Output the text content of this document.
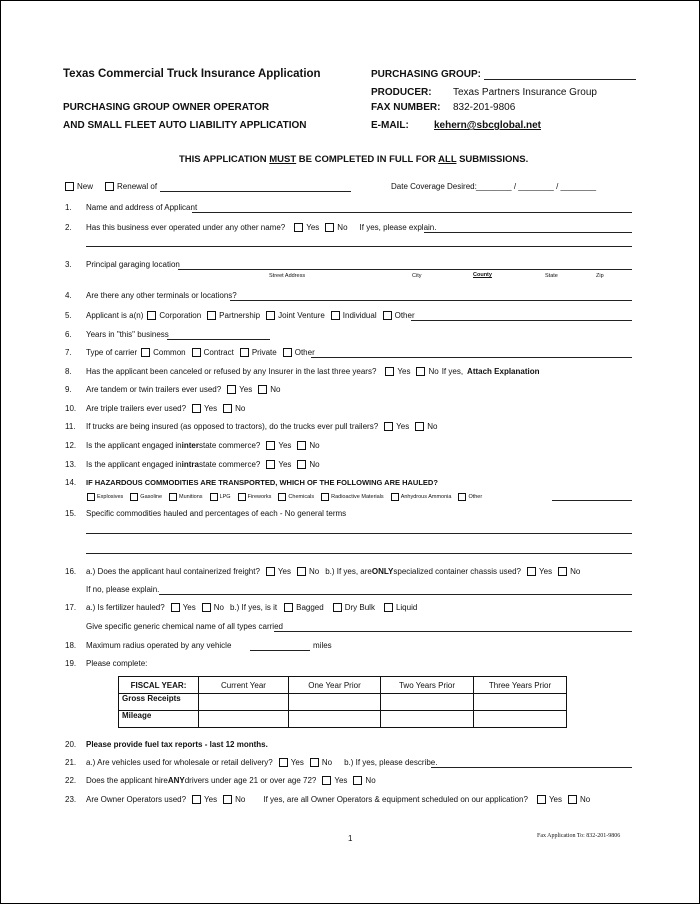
Texas Commercial Truck Insurance Application
PURCHASING GROUP OWNER OPERATOR
AND SMALL FLEET AUTO LIABILITY APPLICATION
PURCHASING GROUP:
PRODUCER: Texas Partners Insurance Group
FAX NUMBER: 832-201-9806
E-MAIL:	kehern@sbcglobal.net
THIS APPLICATION MUST BE COMPLETED IN FULL FOR ALL SUBMISSIONS.
New	Renewal of	Date Coverage Desired: ________ / ________ / ________
1. Name and address of Applicant
2. Has this business ever operated under any other name?	Yes No If yes, please explain.
3. Principal garaging location
Street Address	City	County	State	Zip
4. Are there any other terminals or locations?
5. Applicant is a(n) Corporation Partnership Joint Venture Individual Other
6. Years in "this" business
7. Type of carrier Common Contract Private Other
8. Has the applicant been canceled or refused by any Insurer in the last three years?	Yes No If yes, Attach Explanation
9. Are tandem or twin trailers ever used? Yes No
10. Are triple trailers ever used? Yes No
11. If trucks are being insured (as opposed to tractors), do the trucks ever pull trailers? Yes No
12. Is the applicant engaged in inter state commerce? Yes No
13. Is the applicant engaged in intra state commerce? Yes No
14. IF HAZARDOUS COMMODITIES ARE TRANSPORTED, WHICH OF THE FOLLOWING ARE HAULED?
Explosives	Gasoline	Munitions	LPG	Fireworks	Chemicals	Radioactive Materials	Anhydrous Ammonia	Other
15. Specific commodities hauled and percentages of each - No general terms
16. a.) Does the applicant haul containerized freight? Yes No b.) If yes, are ONLY specialized container chassis used? Yes No
If no, please explain.
17. a.) Is fertilizer hauled? Yes No b.) If yes, is it Bagged	Dry Bulk	Liquid
Give specific generic chemical name of all types carried
18. Maximum radius operated by any vehicle	miles
19. Please complete:
FISCAL YEAR:	Current Year	One Year Prior	Two Years Prior	Three Years Prior
Gross Receipts				
Mileage				
20. Please provide fuel tax reports - last 12 months.
21. a.) Are vehicles used for wholesale or retail delivery? Yes No b.) If yes, please describe.
22. Does the applicant hire ANY drivers under age 21 or over age 72? Yes No
23. Are Owner Operators used? Yes No If yes, are all Owner Operators & equipment scheduled on our application?	Yes No
1	Fax Application To: 832-201-9806
